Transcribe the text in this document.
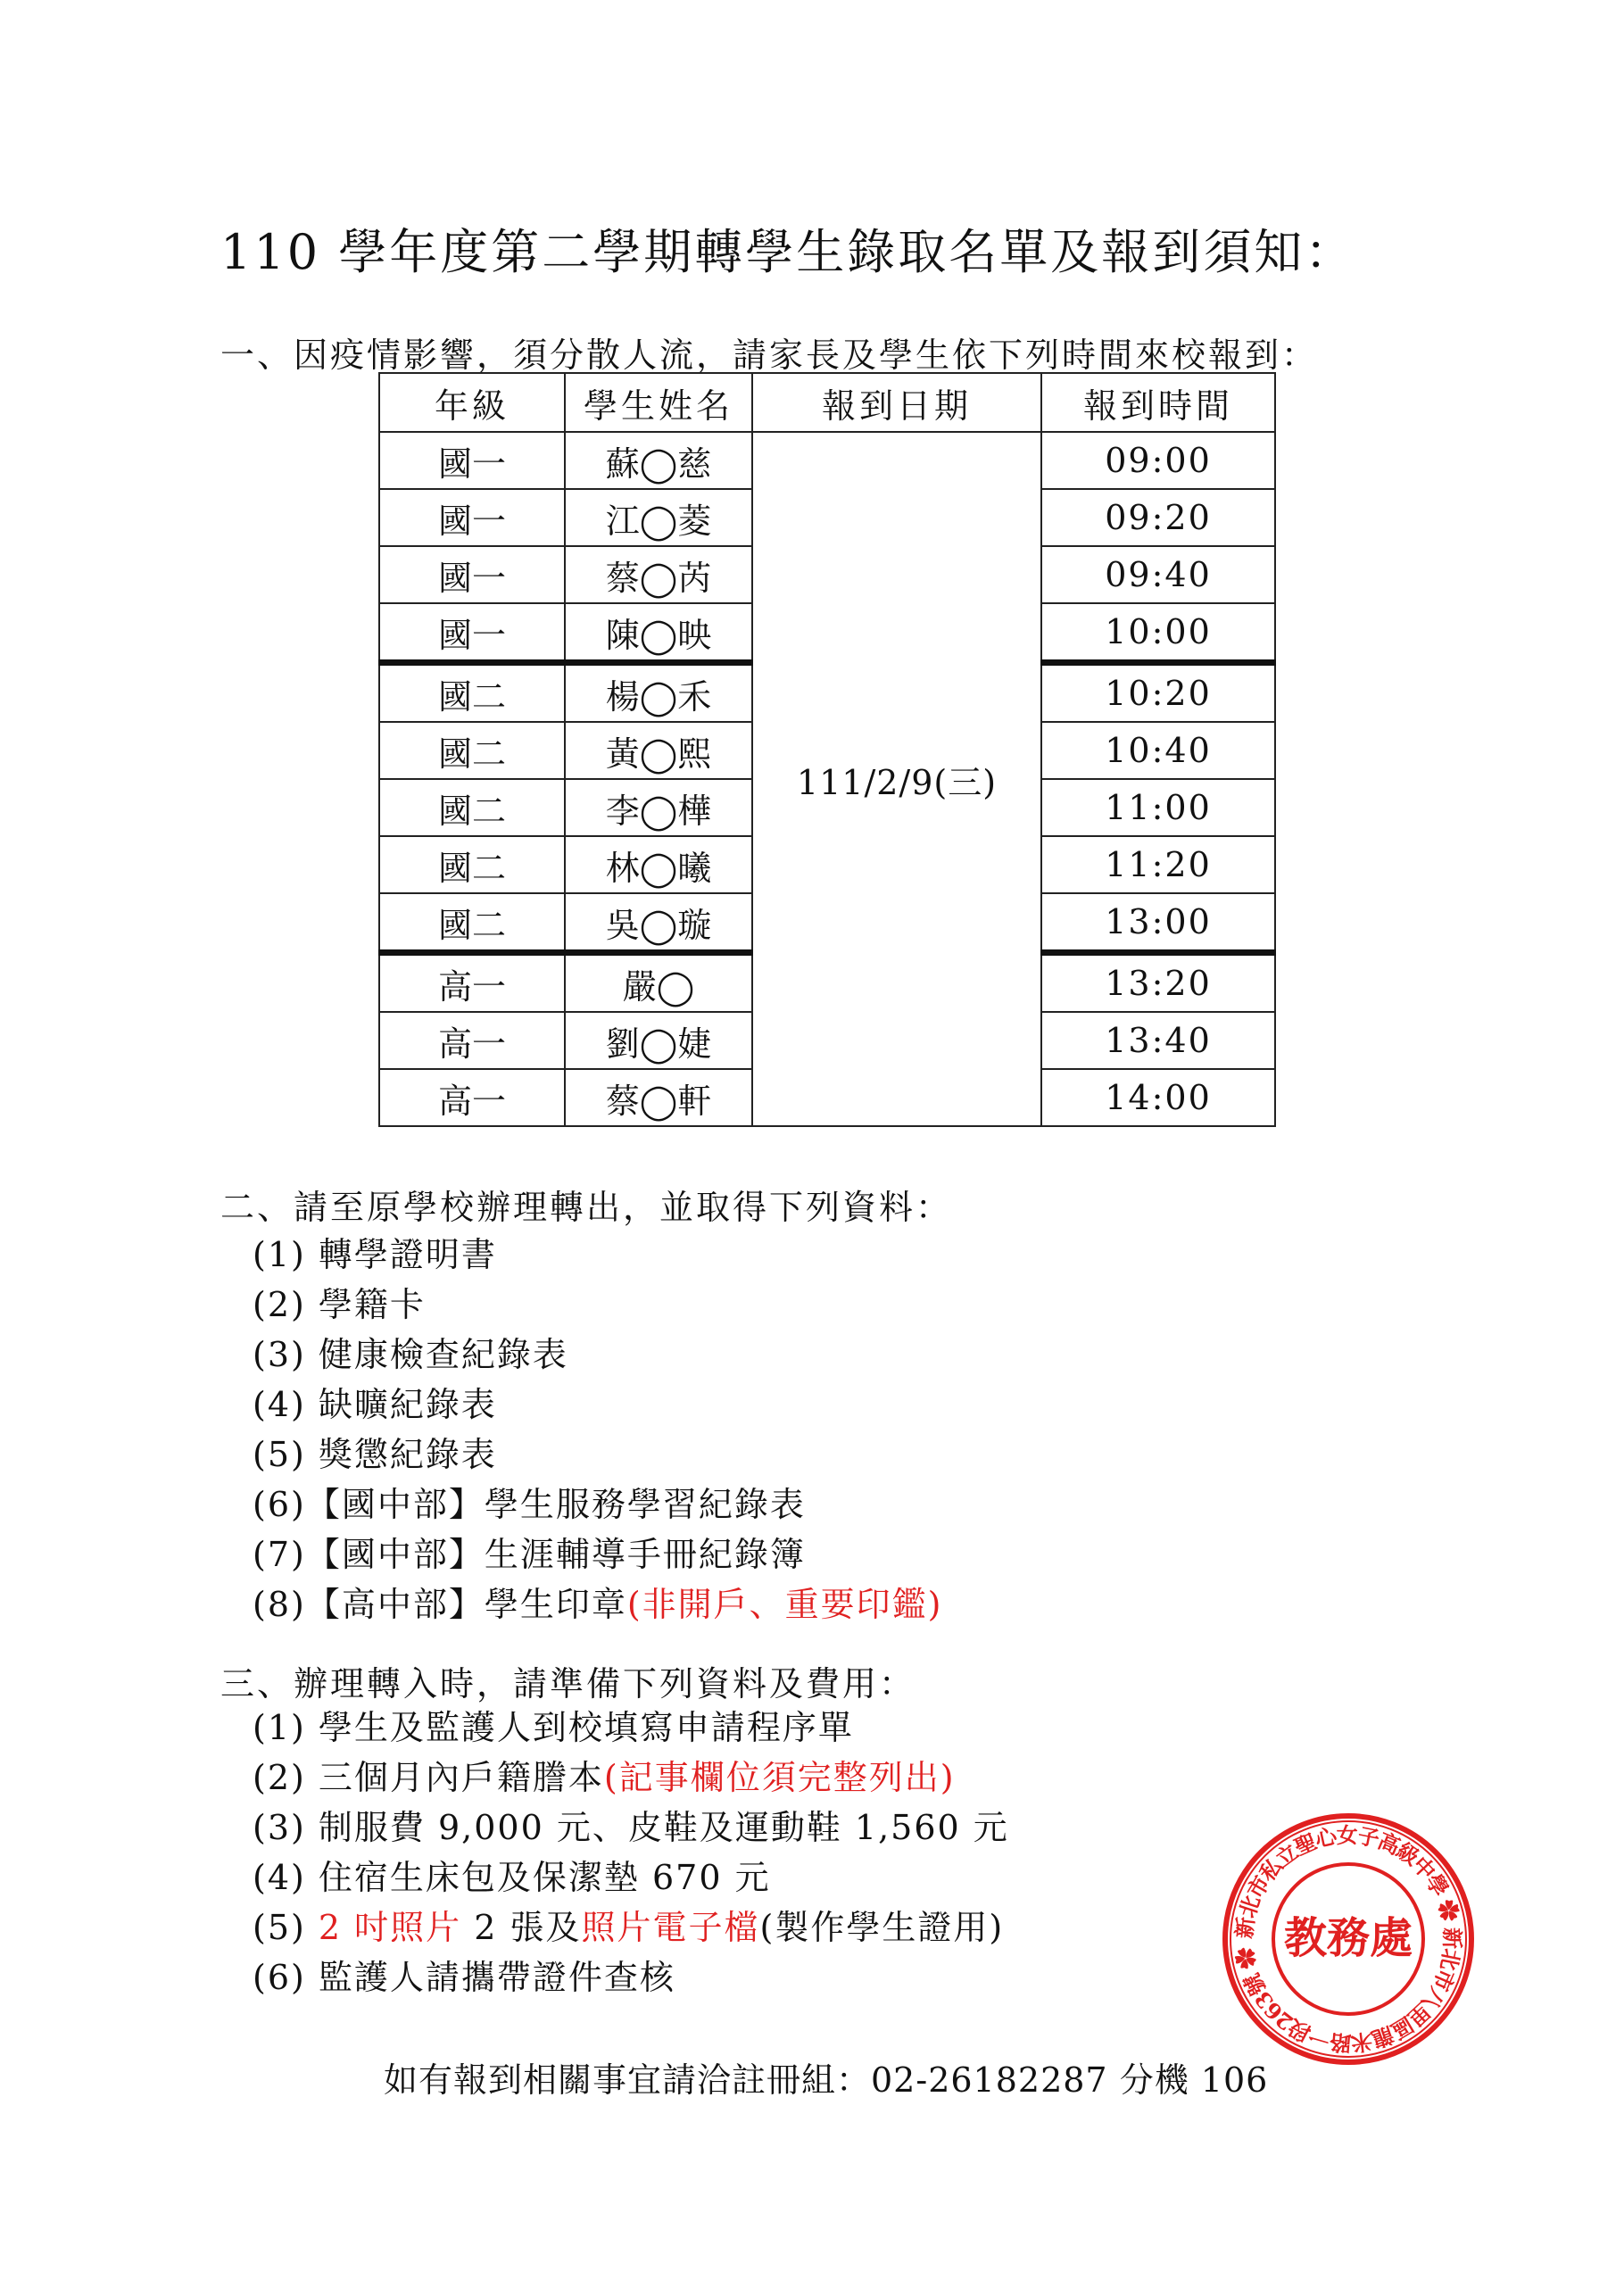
110 學年度第二學期轉學生錄取名單及報到須知：
一、因疫情影響，須分散人流，請家長及學生依下列時間來校報到：
年級	學生姓名	報到日期	報到時間
國一	蘇◯慈	111/2/9(三)	09:00
國一	江◯菱		09:20
國一	蔡◯芮		09:40
國一	陳◯映		10:00
國二	楊◯禾		10:20
國二	黃◯熙		10:40
國二	李◯樺		11:00
國二	林◯曦		11:20
國二	吳◯璇		13:00
高一	嚴◯		13:20
高一	劉◯婕		13:40
高一	蔡◯軒		14:00
二、請至原學校辦理轉出，並取得下列資料：
(1) 轉學證明書
(2) 學籍卡
(3) 健康檢查紀錄表
(4) 缺曠紀錄表
(5) 獎懲紀錄表
(6)【國中部】學生服務學習紀錄表
(7)【國中部】生涯輔導手冊紀錄簿
(8)【高中部】學生印章(非開戶、重要印鑑)
三、辦理轉入時，請準備下列資料及費用：
(1) 學生及監護人到校填寫申請程序單
(2) 三個月內戶籍謄本(記事欄位須完整列出)
(3) 制服費 9,000 元、皮鞋及運動鞋 1,560 元
(4) 住宿生床包及保潔墊 670 元
(5) 2 吋照片 2 張及照片電子檔(製作學生證用)
(6) 監護人請攜帶證件查核
如有報到相關事宜請洽註冊組：02-26182287 分機 106
新北市私立聖心女子高級中學 ✿ 新北市八里區龍米路一段263號 ✿ 教務處
